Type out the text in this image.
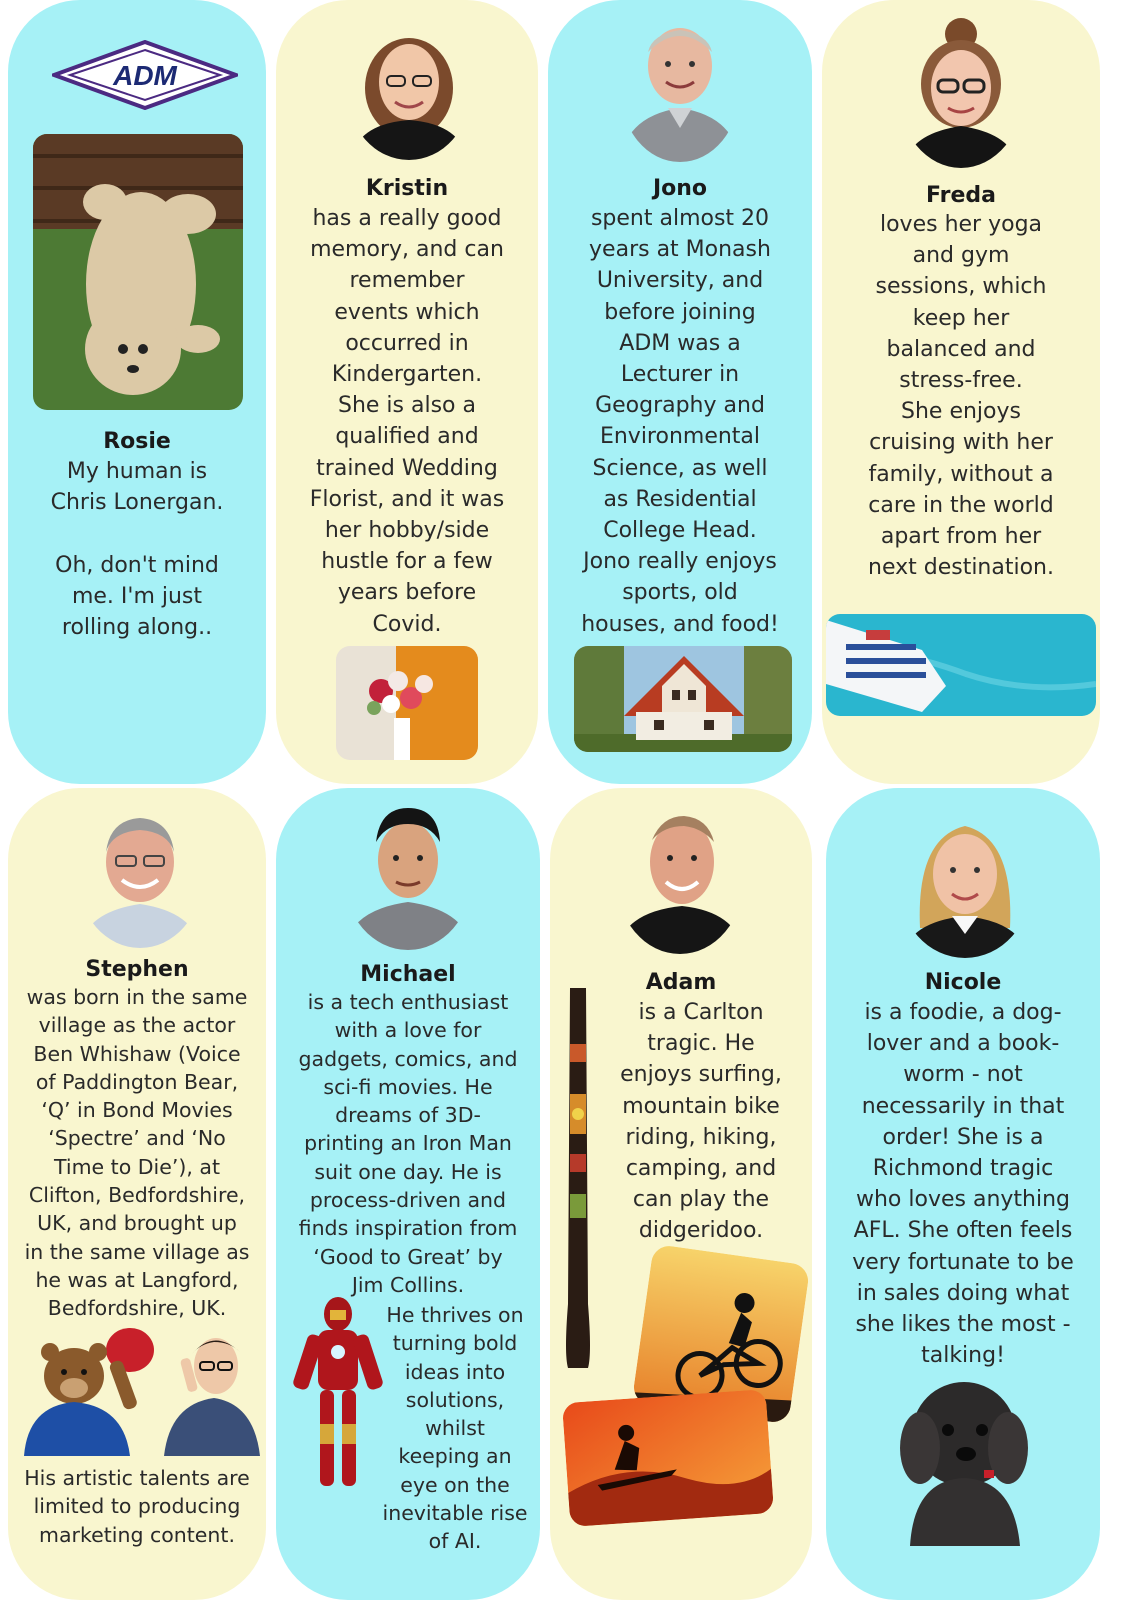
ADM
Rosie
My human is
Chris Lonergan.

Oh, don't mind
me. I'm just
rolling along..
Kristin
has a really good
memory, and can
remember
events which
occurred in
Kindergarten.
She is also a
qualified and
trained Wedding
Florist, and it was
her hobby/side
hustle for a few
years before
Covid.
Jono
spent almost 20
years at Monash
University, and
before joining
ADM was a
Lecturer in
Geography and
Environmental
Science, as well
as Residential
College Head.
Jono really enjoys
sports, old
houses, and food!
Freda
loves her yoga
and gym
sessions, which
keep her
balanced and
stress-free.
She enjoys
cruising with her
family, without a
care in the world
apart from her
next destination.
Stephen
was born in the same
village as the actor
Ben Whishaw (Voice
of Paddington Bear,
‘Q’ in Bond Movies
‘Spectre’ and ‘No
Time to Die’), at
Clifton, Bedfordshire,
UK, and brought up
in the same village as
he was at Langford,
Bedfordshire, UK.
His artistic talents are
limited to producing
marketing content.
Michael
is a tech enthusiast
with a love for
gadgets, comics, and
sci-fi movies. He
dreams of 3D-
printing an Iron Man
suit one day. He is
process-driven and
finds inspiration from
‘Good to Great’ by
Jim Collins.
He thrives on
turning bold
ideas into
solutions,
whilst
keeping an
eye on the
inevitable rise
of AI.
Adam
is a Carlton
tragic. He
enjoys surfing,
mountain bike
riding, hiking,
camping, and
can play the
didgeridoo.
Nicole
is a foodie, a dog-
lover and a book-
worm - not
necessarily in that
order! She is a
Richmond tragic
who loves anything
AFL. She often feels
very fortunate to be
in sales doing what
she likes the most -
talking!
